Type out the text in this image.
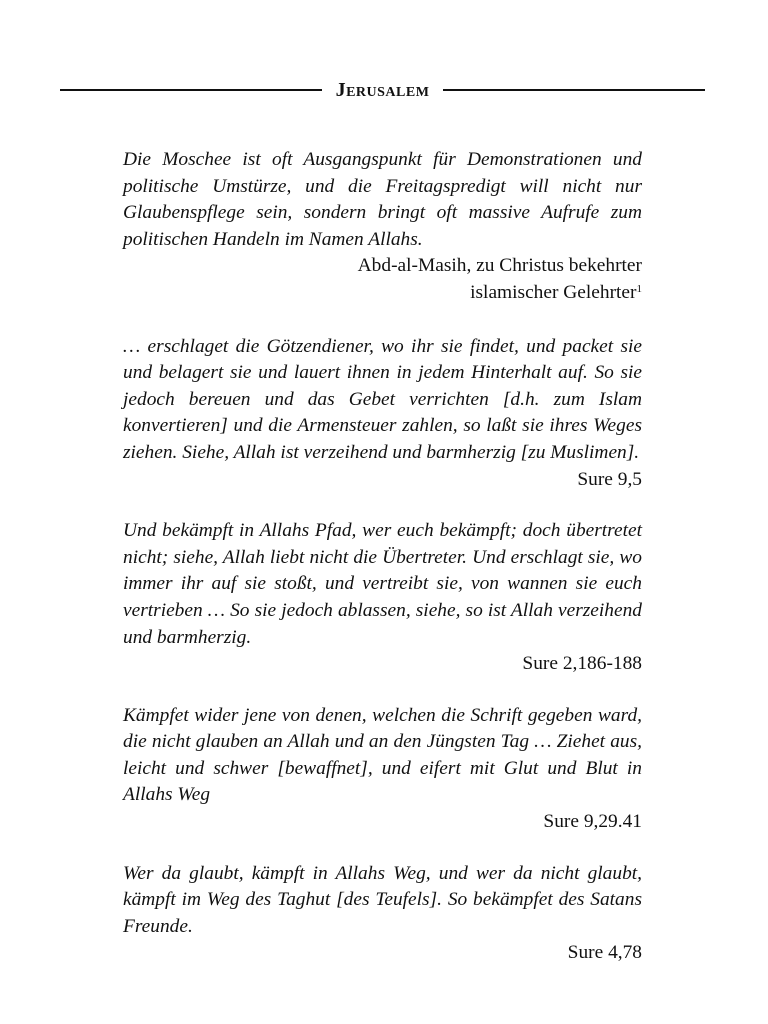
Jerusalem

Die Moschee ist oft Ausgangspunkt für Demonstrationen und politische Umstürze, und die Freitagspredigt will nicht nur Glaubenspflege sein, sondern bringt oft massive Aufrufe zum politischen Handeln im Namen Allahs.

Abd-al-Masih, zu Christus bekehrter

islamischer Gelehrter$^1$

… erschlaget die Götzendiener, wo ihr sie findet, und packet sie und belagert sie und lauert ihnen in jedem Hinterhalt auf. So sie jedoch bereuen und das Gebet verrichten [d.h. zum Islam konvertieren] und die Armensteuer zahlen, so laßt sie ihres Weges ziehen. Siehe, Allah ist verzeihend und barmherzig [zu Muslimen].

Sure 9,5

Und bekämpft in Allahs Pfad, wer euch bekämpft; doch übertretet nicht; siehe, Allah liebt nicht die Übertreter. Und erschlagt sie, wo immer ihr auf sie stoßt, und vertreibt sie, von wannen sie euch vertrieben … So sie jedoch ablassen, siehe, so ist Allah verzeihend und barmherzig.

Sure 2,186-188

Kämpfet wider jene von denen, welchen die Schrift gegeben ward, die nicht glauben an Allah und an den Jüngsten Tag … Ziehet aus, leicht und schwer [bewaffnet], und eifert mit Glut und Blut in Allahs Weg

Sure 9,29.41

Wer da glaubt, kämpft in Allahs Weg, und wer da nicht glaubt, kämpft im Weg des Taghut [des Teufels]. So bekämpfet des Satans Freunde.

Sure 4,78
